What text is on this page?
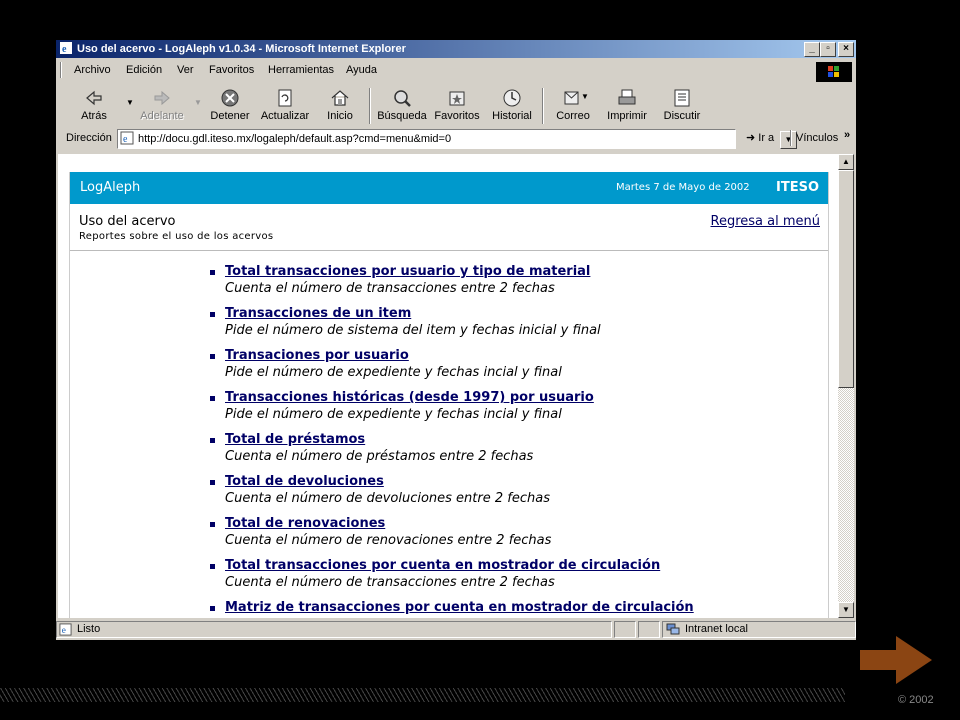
e Uso del acervo - LogAleph v1.0.34 - Microsoft Internet Explorer	_	▫	×
Archivo Edición Ver Favoritos Herramientas Ayuda
Atrás
▼
Adelante
▼
Detener	Actualizar	Inicio	Búsqueda Favoritos	Historial	Correo
▼
Imprimir	Discutir
Dirección e http://docu.gdl.iteso.mx/logaleph/default.asp?cmd=menu&mid=0	▼
➜ Ir a Vínculos »
LogAleph	Martes 7 de Mayo de 2002 ITESO
Uso del acervo
Reportes sobre el uso de los acervos
Regresa al menú
Total transacciones por usuario y tipo de material
Cuenta el número de transacciones entre 2 fechas
Transacciones de un item
Pide el número de sistema del item y fechas inicial y final
Transaciones por usuario
Pide el número de expediente y fechas incial y final
Transacciones históricas (desde 1997) por usuario
Pide el número de expediente y fechas incial y final
Total de préstamos
Cuenta el número de préstamos entre 2 fechas
Total de devoluciones
Cuenta el número de devoluciones entre 2 fechas
Total de renovaciones
Cuenta el número de renovaciones entre 2 fechas
Total transacciones por cuenta en mostrador de circulación
Cuenta el número de transacciones entre 2 fechas
Matriz de transacciones por cuenta en mostrador de circulación
▲
▼
e Listo	Intranet local
© 2002
